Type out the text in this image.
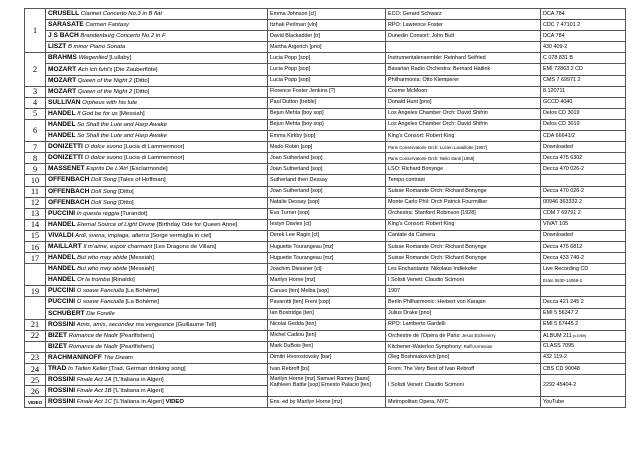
1	CRUSELL Clarinet Concerto No.3 in B flat	Emma Johnson [cl]	ECO: Gerard Schwarz	DCA 784
	SARASATE Carmen Fantasy	Itzhak Perlman [vln]	RPO: Lawrence Foster	CDC 7 47101 2
	J S BACH Brandenburg Concerto No.2 in F	David Blackadder [tr]	Dunedin Consort: John Butt	DCA 784
	LISZT B minor Piano Sonata	Martha Argerich [pno]		430 409-2
2	BRAHMS Wiegenlied [Lullaby]	Lucia Popp [sop]	Instrumentalensemble: Reinhard Seifried	C 078 831 B
	MOZART Ach ich fuhl's [Die Zauberflöte]	Lucia Popp [sop]	Bavarian Radio Orchestra: Bernard Haitink	EMI 72863 2 CD
	MOZART Queen of the Night 2 [Ditto]	Lucia Popp [sop]	Philharmonia: Otto Klemperer	CMS 7 69971 2
3	MOZART Queen of the Night 2 [Ditto]	Florence Foster Jenkins [?]	Cosme McMoon	8.120711
4	SULLIVAN Orpheus with his lute	Paul Dutton [treble]	Donald Hunt [pno]	GCCD 4040
5	HANDEL If God be for us [Messiah]	Bejun Mehta [boy sop]	Los Angeles Chamber Orch: David Shifrin	Delos CD 3019
6	HANDEL So Shall the Lute and Harp Awake	Bejun Mehta [boy sop]	Los Angeles Chamber Orch: David Shifrin	Delos CD 3019
	HANDEL So Shall the Lute and Harp Awake	Emma Kirkby [sop]	King's Consort: Robert King	CDA 66641/2
7	DONIZETTI O dolce suono [Lucia di Lammermoor]	Mado Robin [sop]	Paris Conservatoire Orch: Lucien Lavaillotte [1957]	Downloaded
8	DONIZETTI O dolce suono [Lucia di Lammermoor]	Joan Sutherland [sop]	Paris Conservatoire Orch: Nello Santi [1959]	Decca 475 6302
9	MASSENET Esprits De L'Air! [Esclarmonde]	Joan Sutherland [sop]	LSO: Richard Bonynge	Decca 470 026-2
10	OFFENBACH Doll Song [Tales of Hoffman]	Sutherland then Dessay	Tempo contrast	
11	OFFENBACH Doll Song [Ditto]	Joan Sutherland [sop]	Suisse Romande Orch: Richard Bonynge	Decca 470 026-2
12	OFFENBACH Doll Song [Ditto]	Natalie Dessay [sop]	Monte Carlo Phil: Orch Patrick Fourmillier	00946 363332 2
13	PUCCINI In questa reggia [Turandot]	Eva Turner [sop]	Orchestra: Stanford Robinson [1928]	CDM 7 69791 2
14	HANDEL Eternal Source of Light Divine [Birthday Ode for Queen Anne]	Iestyn Davies [ct]	King's Consort: Robert King	VIVAT 105
15	VIVALDI Ardi, svena, impiaga, atterra [Sorge vermiglia in ciel]	Derek Lee Ragin [ct]	Cantate da Camera	Downloaded
16	MAILLART Il m'aime, espoir charmant [Les Dragons de Villars]	Huguette Tourangeau [mz]	Suisse Romande Orch: Richard Bonynge	Decca 475 6812
17	HANDEL But who may abide [Messiah]	Huguette Tourangeau [mz]	Suisse Romande Orch: Richard Bonynge	Decca 433 740-2
	HANDEL But who may abide [Messiah]	Joachim Diessner [ct]	Les Enchantants: Nikolaus Indlekofer	Live Recording CD
	HANDEL Or la tromba [Rinaldo]	Marilyn Horne [mz]	I Solisti Veneti: Claudio Scimoni	Erato 0630-14069-2
19	PUCCINI O soave Fanciulla [La Bohème]	Caruso [ten] Melba [sop]	1907	
	PUCCINI O soave Fanciulla [La Bohème]	Pavarotti [ten] Freni [sop]	Berlin Philharmonic: Herbert von Karajan	Decca 421 245 2
	SCHUBERT Die Forelle	Ian Bostridge [ten]	Julius Drake [pno]	EMI 5 56347 2
21	ROSSINI Amis, amis, secondez ma vengeance [Guillaume Tell]	Nicolai Gedda [ten]	RPO: Lamberto Gardelli	EMI 5 67445 2
22	BIZET Romance de Nadir [Pearlfishers]	Michel Cadiou [ten]	Orchestre de l'Opéra de Paris: Jesus Etcheverry	ALBUM 211 (c1989)
	BIZET Romance de Nadir [Pearlfishers]	Mark DuBois [ten]	Kitchener-Waterloo Symphony: Raffi Armenian	CLASS 7095
23	RACHMANINOFF The Dream	Dimitri Hvorostovsky [bar]	Oleg Boshniakovich [pno]	432 119-2
24	TRAD In Tiefen Keller [Trad. German drinking song]	Ivan Rebroff [bs]	From: The Very Best of Ivan Rebroff	CBS CD 90048
25	ROSSINI Finale Act 1A ['L'Italiana in Algeri]	Marilyn Horne [mz] Samuel Ramey [bass] Kathleen Battle [sop] Ernesto Palacio [ten]	I Solisti Veneti: Claudio Scimoni	2292 45404-2
26	ROSSINI Finale Act 1B ['L'Italiana in Algeri]			
VIDEO	ROSSINI Finale Act 1C ['L'Italiana in Algeri] VIDEO	Ens. ed by Marilyn Horne [mz]	Metropolitan Opera, NYC	YouTube
